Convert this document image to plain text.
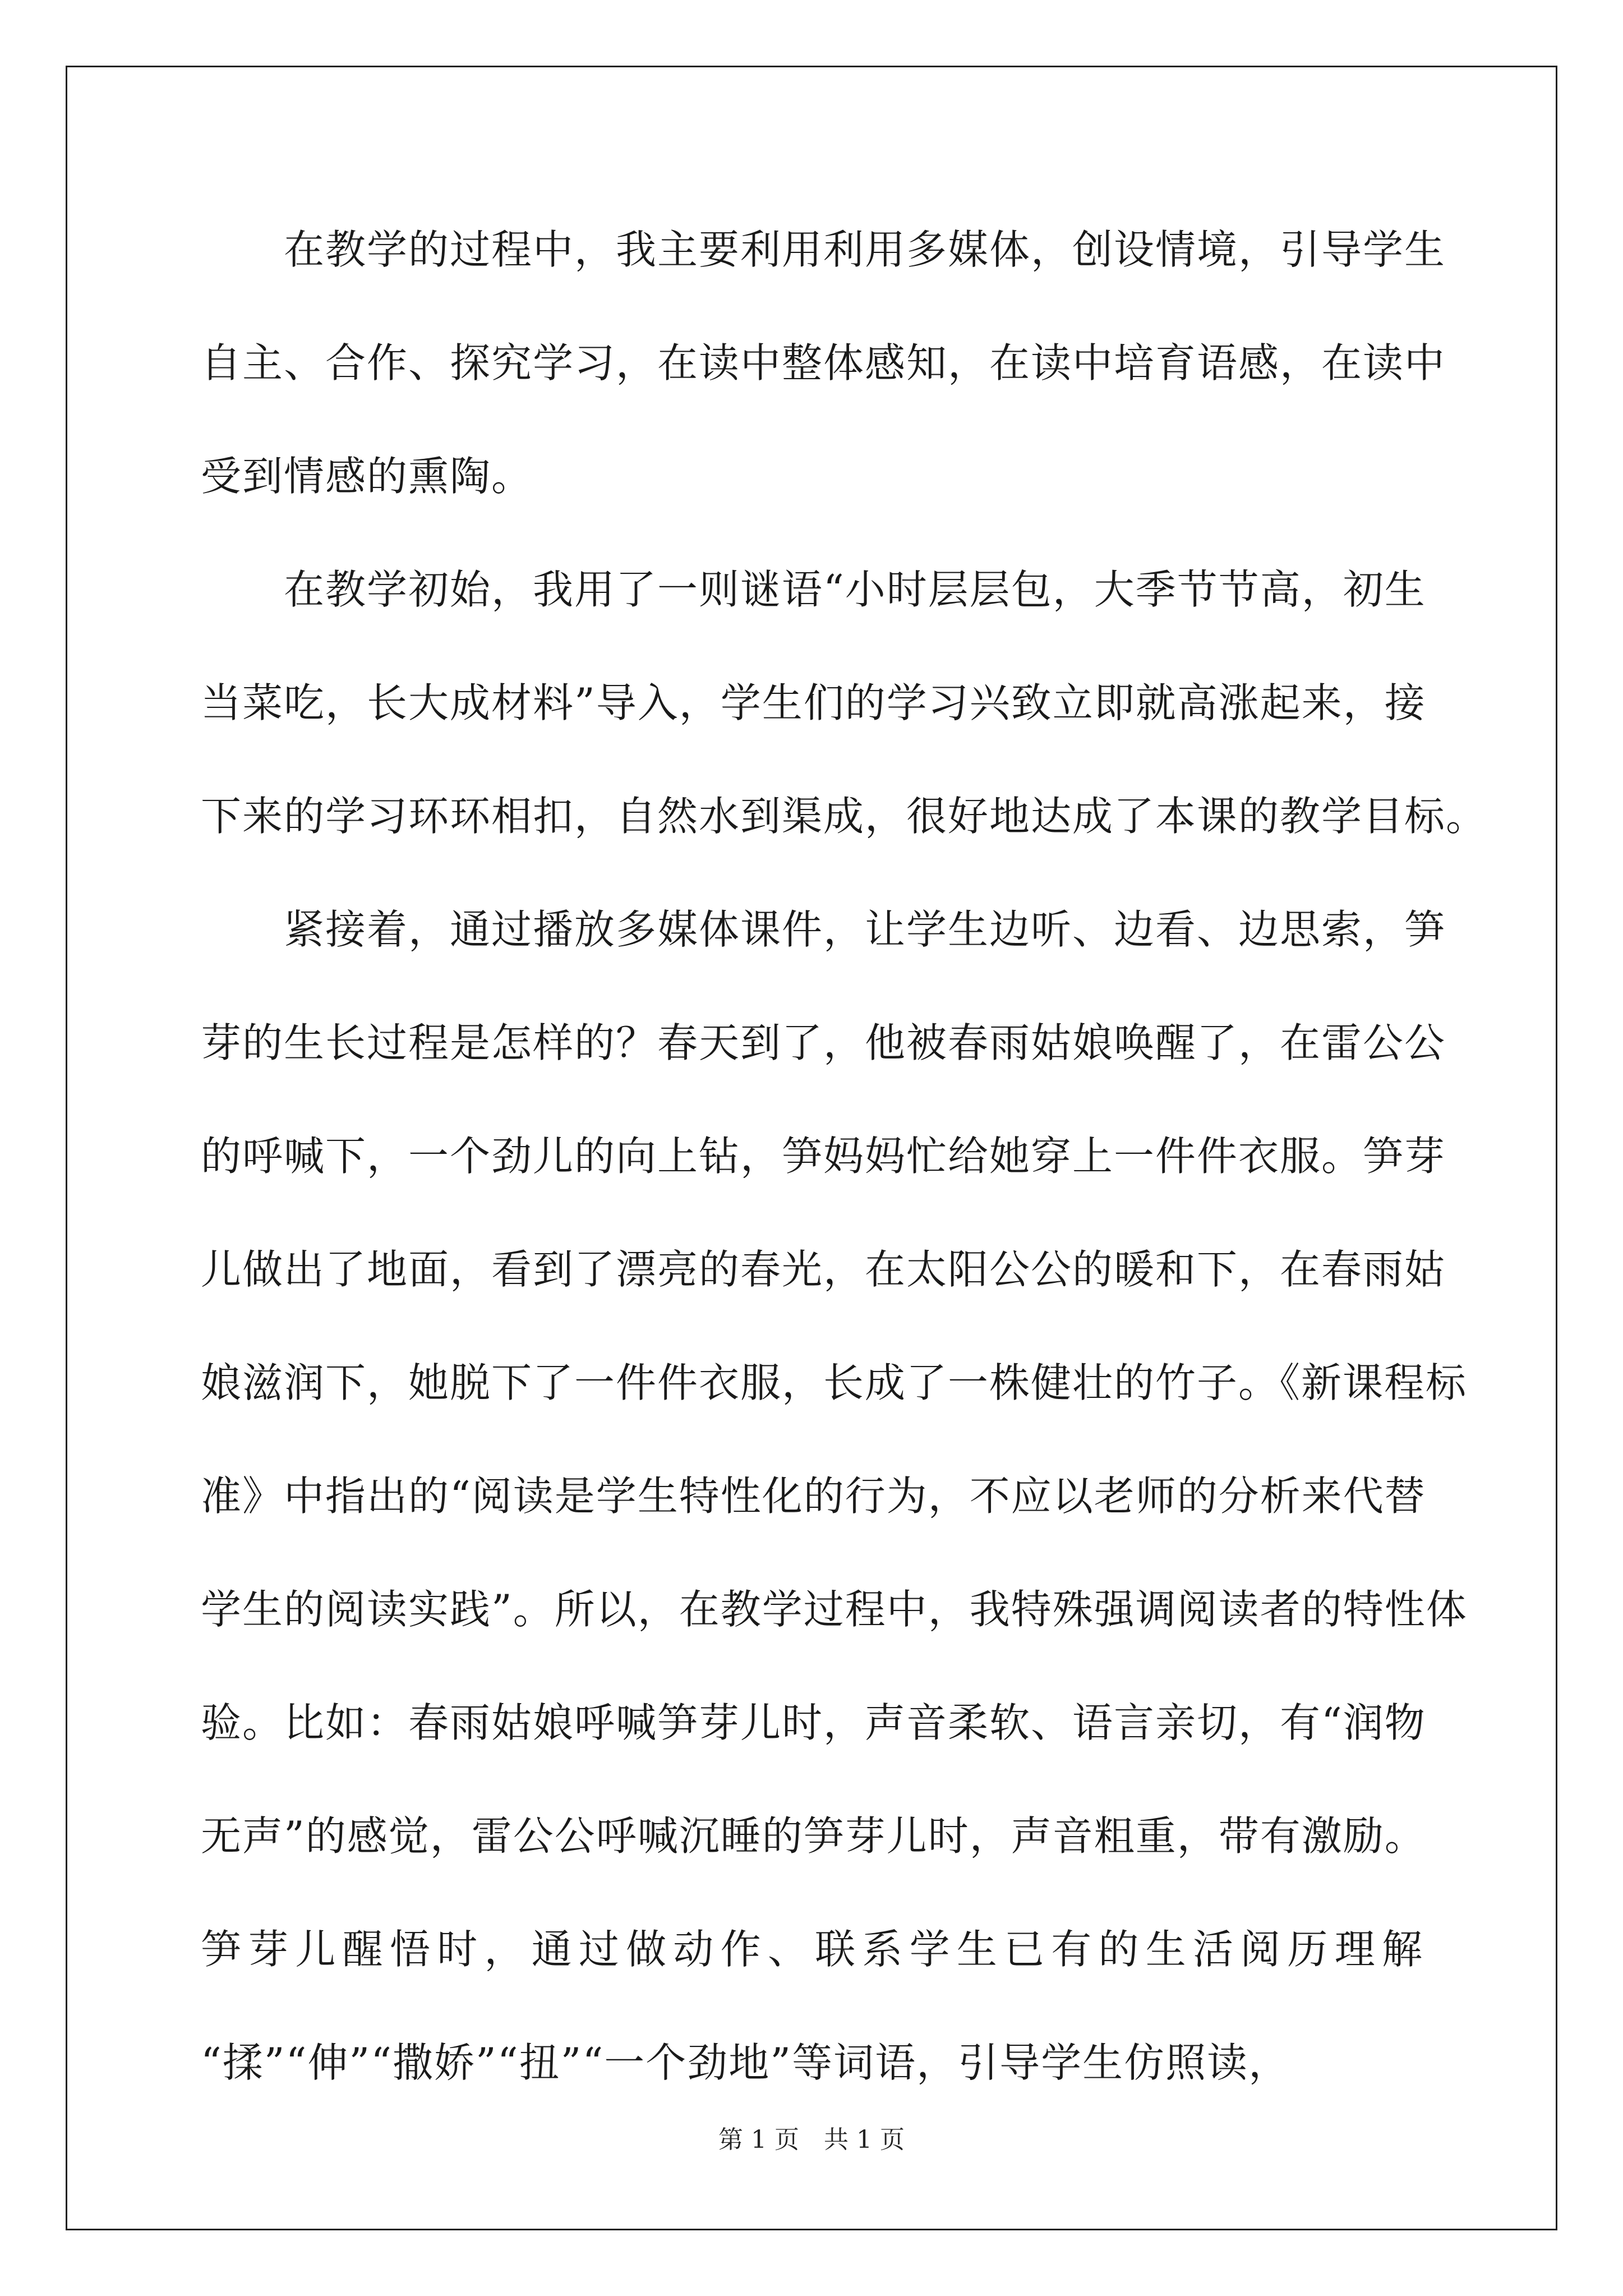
在教学的过程中，我主要利用利用多媒体，创设情境，引导学生
自主、合作、探究学习，在读中整体感知，在读中培育语感，在读中
受到情感的熏陶。
在教学初始，我用了一则谜语“小时层层包，大季节节高，初生
当菜吃，长大成材料”导入，学生们的学习兴致立即就高涨起来，接
下来的学习环环相扣，自然水到渠成，很好地达成了本课的教学目标。
紧接着，通过播放多媒体课件，让学生边听、边看、边思索，笋
芽的生长过程是怎样的？春天到了，他被春雨姑娘唤醒了，在雷公公
的呼喊下，一个劲儿的向上钻，笋妈妈忙给她穿上一件件衣服。笋芽
儿做出了地面，看到了漂亮的春光，在太阳公公的暖和下，在春雨姑
娘滋润下，她脱下了一件件衣服，长成了一株健壮的竹子。《新课程标
准》中指出的“阅读是学生特性化的行为，不应以老师的分析来代替
学生的阅读实践”。所以，在教学过程中，我特殊强调阅读者的特性体
验。比如：春雨姑娘呼喊笋芽儿时，声音柔软、语言亲切，有“润物
无声”的感觉，雷公公呼喊沉睡的笋芽儿时，声音粗重，带有激励。
笋芽儿醒悟时，通过做动作、联系学生已有的生活阅历理解
“揉”“伸”“撒娇”“扭”“一个劲地”等词语，引导学生仿照读，
第 1 页　共 1 页
